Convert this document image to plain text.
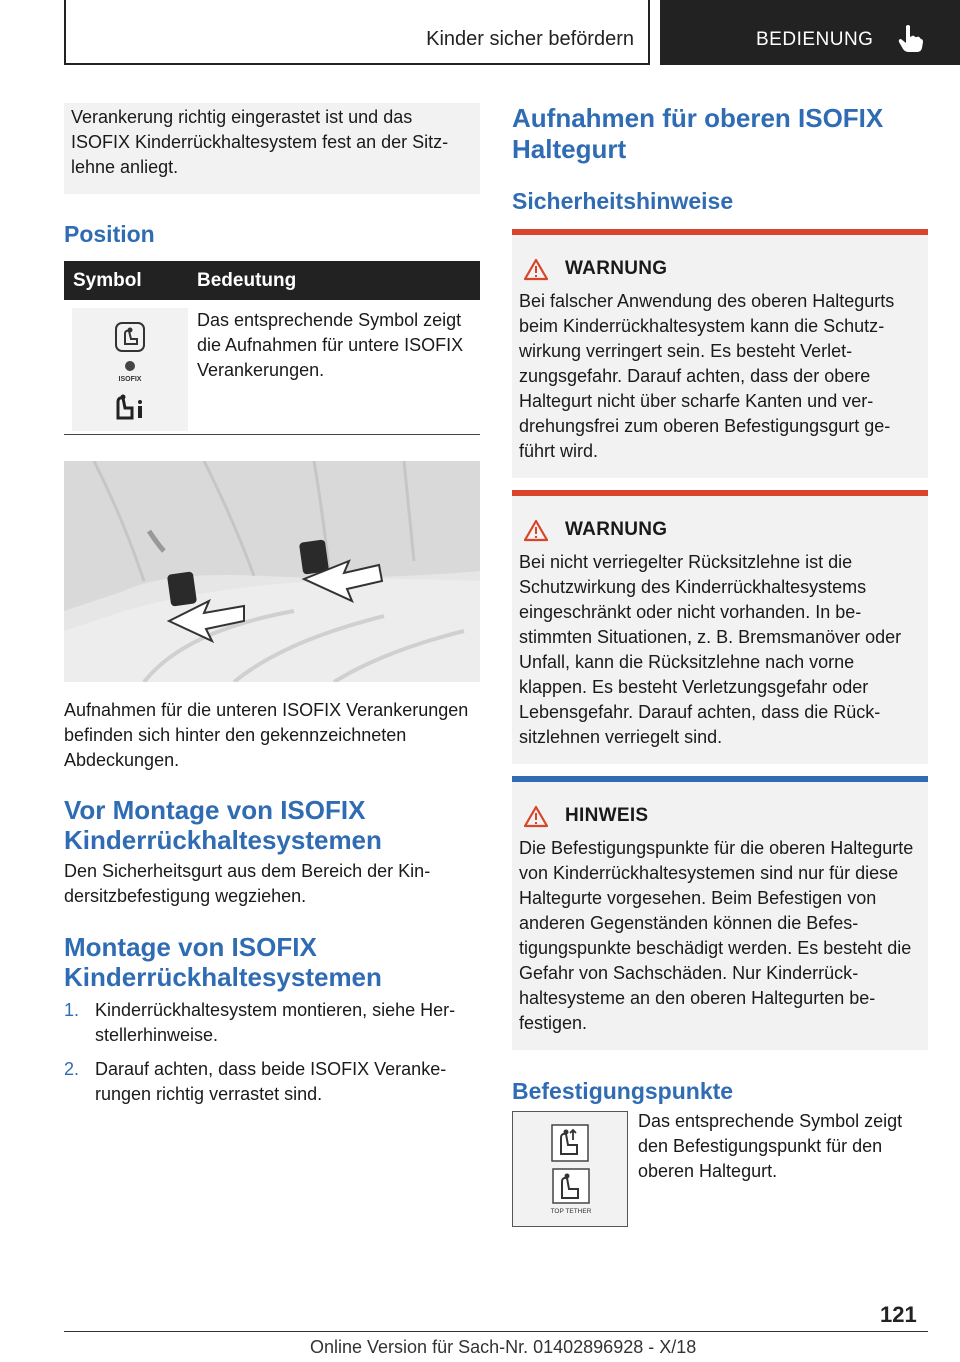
Kinder sicher befördern	BEDIENUNG

Verankerung richtig eingerastet ist und das ISOFIX Kinderrückhaltesystem fest an der Sitzlehne anliegt.

Position
Symbol	Bedeutung

ISOFIX	Das entsprechende Symbol zeigt die Aufnahmen für untere ISOFIX Verankerungen.

Aufnahmen für die unteren ISOFIX Verankerungen befinden sich hinter den gekennzeichneten Abdeckungen.

Vor Montage von ISOFIX Kinderrückhaltesystemen

Den Sicherheitsgurt aus dem Bereich der Kindersitzbefestigung wegziehen.

Montage von ISOFIX Kinderrückhaltesystemen
1. Kinderrückhaltesystem montieren, siehe Herstellerhinweise.
2. Darauf achten, dass beide ISOFIX Verankerungen richtig verrastet sind.
Aufnahmen für oberen ISOFIX Haltegurt
Sicherheitshinweise
WARNUNG

Bei falscher Anwendung des oberen Haltegurts beim Kinderrückhaltesystem kann die Schutzwirkung verringert sein. Es besteht Verletzungsgefahr. Darauf achten, dass der obere Haltegurt nicht über scharfe Kanten und verdrehungsfrei zum oberen Befestigungsgurt geführt wird.

WARNUNG

Bei nicht verriegelter Rücksitzlehne ist die Schutzwirkung des Kinderrückhaltesystems eingeschränkt oder nicht vorhanden. In bestimmten Situationen, z. B. Bremsmanöver oder Unfall, kann die Rücksitzlehne nach vorne klappen. Es besteht Verletzungsgefahr oder Lebensgefahr. Darauf achten, dass die Rücksitzlehnen verriegelt sind.

HINWEIS

Die Befestigungspunkte für die oberen Haltegurte von Kinderrückhaltesystemen sind nur für diese Haltegurte vorgesehen. Beim Befestigen von anderen Gegenständen können die Befestigungspunkte beschädigt werden. Es besteht die Gefahr von Sachschäden. Nur Kinderrückhaltesysteme an den oberen Haltegurten befestigen.

Befestigungspunkte
TOP TETHER

Das entsprechende Symbol zeigt den Befestigungspunkt für den oberen Haltegurt.

121
Online Version für Sach-Nr. 01402896928 - X/18
